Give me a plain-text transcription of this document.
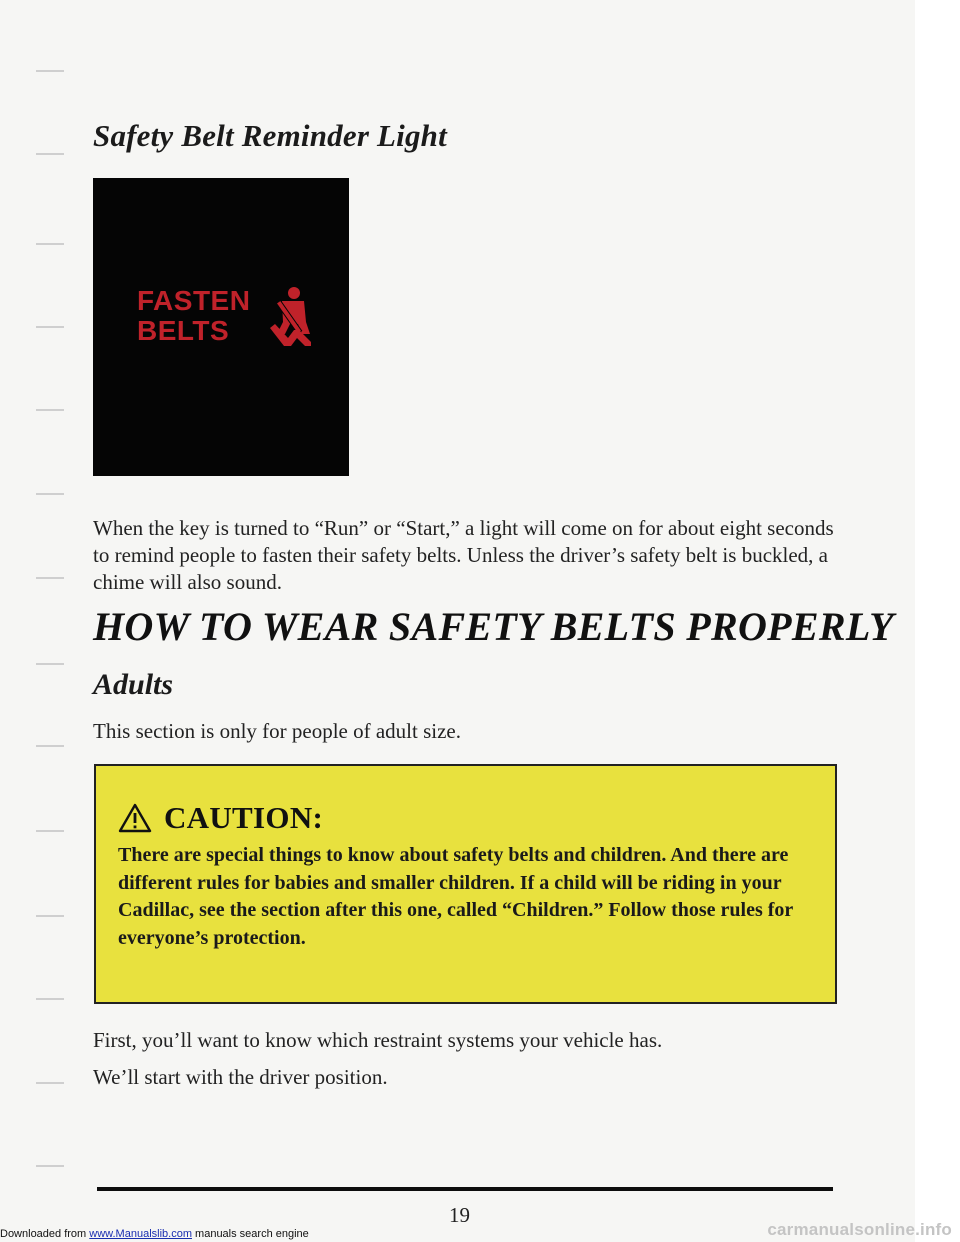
Safety Belt Reminder Light
FASTEN
BELTS

When the key is turned to “Run” or “Start,” a light will come on for about eight seconds to remind people to fasten their safety belts. Unless the driver’s safety belt is buckled, a chime will also sound.

HOW TO WEAR SAFETY BELTS PROPERLY
Adults

This section is only for people of adult size.

CAUTION:

There are special things to know about safety belts and children. And there are different rules for babies and smaller children. If a child will be riding in your Cadillac, see the section after this one, called “Children.” Follow those rules for everyone’s protection.

First, you’ll want to know which restraint systems your vehicle has.

We’ll start with the driver position.

19
Downloaded from www.Manualslib.com manuals search engine	carmanualsonline.info
